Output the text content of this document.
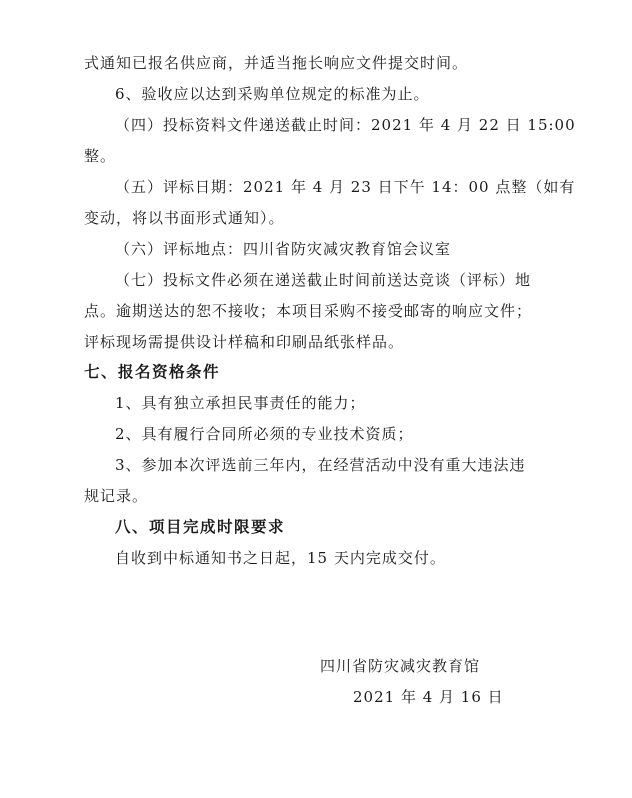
式通知已报名供应商，并适当拖长响应文件提交时间。
6、验收应以达到采购单位规定的标准为止。
（四）投标资料文件递送截止时间：2021 年 4 月 22 日 15:00
整。
（五）评标日期：2021 年 4 月 23 日下午 14：00 点整（如有
变动，将以书面形式通知）。
（六）评标地点：四川省防灾减灾教育馆会议室
（七）投标文件必须在递送截止时间前送达竞谈（评标）地
点。逾期送达的恕不接收；本项目采购不接受邮寄的响应文件；
评标现场需提供设计样稿和印刷品纸张样品。
七、报名资格条件
1、具有独立承担民事责任的能力；
2、具有履行合同所必须的专业技术资质；
3、参加本次评选前三年内，在经营活动中没有重大违法违
规记录。
八、项目完成时限要求
自收到中标通知书之日起，15 天内完成交付。
四川省防灾减灾教育馆
2021 年 4 月 16 日
